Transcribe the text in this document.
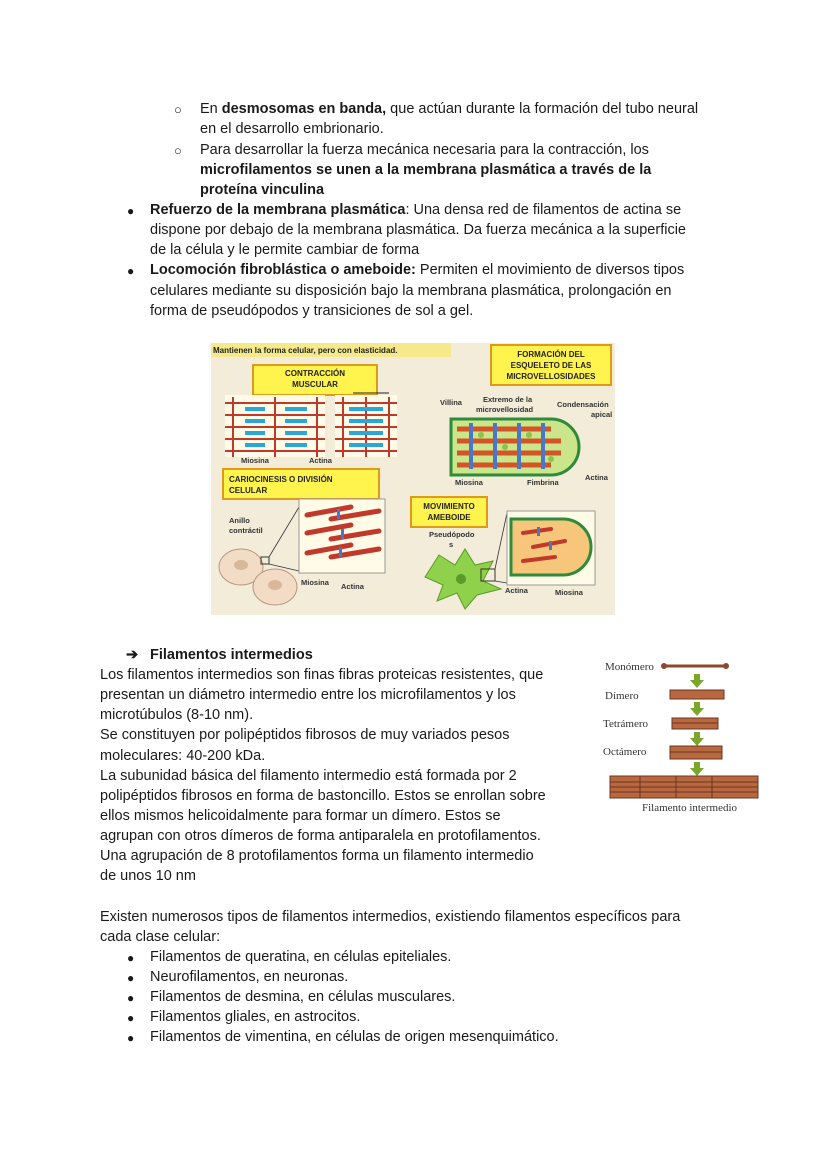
○ En desmosomas en banda, que actúan durante la formación del tubo neural
en el desarrollo embrionario.
○ Para desarrollar la fuerza mecánica necesaria para la contracción, los
microfilamentos se unen a la membrana plasmática a través de la
proteína vinculina
● Refuerzo de la membrana plasmática: Una densa red de filamentos de actina se
dispone por debajo de la membrana plasmática. Da fuerza mecánica a la superficie
de la célula y le permite cambiar de forma
● Locomoción fibroblástica o ameboide: Permiten el movimiento de diversos tipos
celulares mediante su disposición bajo la membrana plasmática, prolongación en
forma de pseudópodos y transiciones de sol a gel.
Mantienen la forma celular, pero con elasticidad.
CONTRACCIÓN
MUSCULAR
Miosina	Actina
FORMACIÓN DEL
ESQUELETO DE LAS
MICROVELLOSIDADES
Villina	Extremo de la
microvellosidad
Condensación
apical
Miosina	Fimbrina
Actina
CARIOCINESIS O DIVISIÓN
CELULAR
Anillo
contráctil
Miosina Actina
MOVIMIENTO
AMEBOIDE
Pseudópodo
s
Actina	Miosina
➔ Filamentos intermedios
Los filamentos intermedios son finas fibras proteicas resistentes, que
presentan un diámetro intermedio entre los microfilamentos y los
microtúbulos (8-10 nm).
Se constituyen por polipéptidos fibrosos de muy variados pesos
moleculares: 40-200 kDa.
La subunidad básica del filamento intermedio está formada por 2
polipéptidos fibrosos en forma de bastoncillo. Estos se enrollan sobre
ellos mismos helicoidalmente para formar un dímero. Estos se
agrupan con otros dímeros de forma antiparalela en protofilamentos.
Una agrupación de 8 protofilamentos forma un filamento intermedio
de unos 10 nm
Monómero
Dímero
Tetrámero
Octámero
Filamento intermedio
Existen numerosos tipos de filamentos intermedios, existiendo filamentos específicos para
cada clase celular:
● Filamentos de queratina, en células epiteliales.
● Neurofilamentos, en neuronas.
● Filamentos de desmina, en células musculares.
● Filamentos gliales, en astrocitos.
● Filamentos de vimentina, en células de origen mesenquimático.
